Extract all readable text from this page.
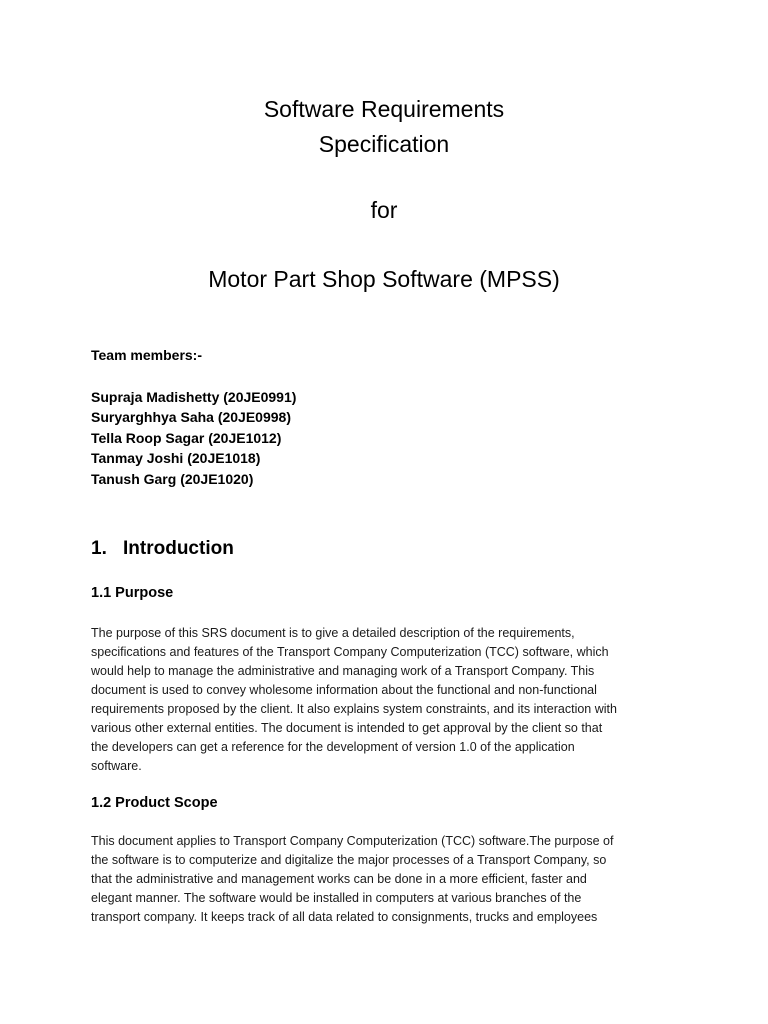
Software Requirements
Specification
for
Motor Part Shop Software (MPSS)
Team members:-
Supraja Madishetty (20JE0991)
Suryarghhya Saha (20JE0998)
Tella Roop Sagar (20JE1012)
Tanmay Joshi (20JE1018)
Tanush Garg (20JE1020)
1. Introduction
1.1 Purpose
The purpose of this SRS document is to give a detailed description of the requirements,
specifications and features of the Transport Company Computerization (TCC) software, which
would help to manage the administrative and managing work of a Transport Company. This
document is used to convey wholesome information about the functional and non-functional
requirements proposed by the client. It also explains system constraints, and its interaction with
various other external entities. The document is intended to get approval by the client so that
the developers can get a reference for the development of version 1.0 of the application
software.
1.2 Product Scope
This document applies to Transport Company Computerization (TCC) software.The purpose of
the software is to computerize and digitalize the major processes of a Transport Company, so
that the administrative and management works can be done in a more efficient, faster and
elegant manner. The software would be installed in computers at various branches of the
transport company. It keeps track of all data related to consignments, trucks and employees
